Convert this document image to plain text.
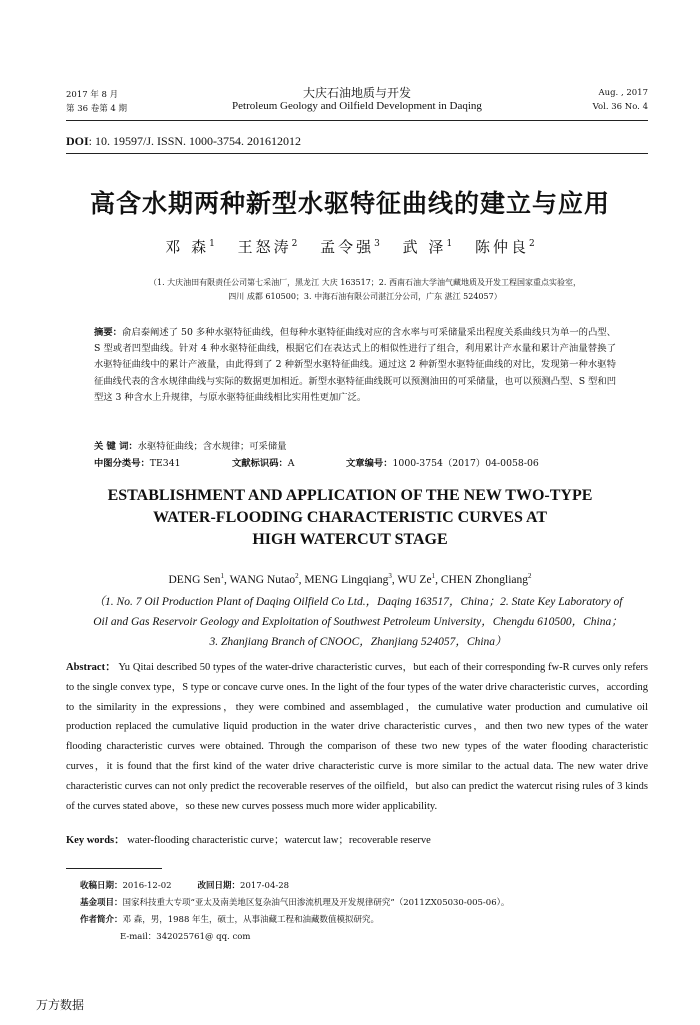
2017 年 8 月
第 36 卷第 4 期
大庆石油地质与开发
Petroleum Geology and Oilfield Development in Daqing
Aug. , 2017
Vol. 36 No. 4
DOI: 10. 19597/J. ISSN. 1000-3754. 201612012
高含水期两种新型水驱特征曲线的建立与应用
邓 森$^1$ 王怒涛$^2$ 孟令强$^3$ 武 泽$^1$ 陈仲良$^2$
（1. 大庆油田有限责任公司第七采油厂，黑龙江 大庆 163517；2. 西南石油大学油气藏地质及开发工程国家重点实验室，
四川 成都 610500；3. 中海石油有限公司湛江分公司，广东 湛江 524057）
摘要：俞启泰阐述了 50 多种水驱特征曲线，但每种水驱特征曲线对应的含水率与可采储量采出程度关系曲线只为单一的凸型、S 型或者凹型曲线。针对 4 种水驱特征曲线，根据它们在表达式上的相似性进行了组合，利用累计产水量和累计产油量替换了水驱特征曲线中的累计产液量，由此得到了 2 种新型水驱特征曲线。通过这 2 种新型水驱特征曲线的对比，发现第一种水驱特征曲线代表的含水规律曲线与实际的数据更加相近。新型水驱特征曲线既可以预测油田的可采储量，也可以预测凸型、S 型和凹型这 3 种含水上升规律，与原水驱特征曲线相比实用性更加广泛。
关 键 词：水驱特征曲线；含水规律；可采储量
中图分类号：TE341	文献标识码：A	文章编号：1000-3754（2017）04-0058-06
ESTABLISHMENT AND APPLICATION OF THE NEW TWO-TYPE
WATER-FLOODING CHARACTERISTIC CURVES AT
HIGH WATERCUT STAGE
DENG Sen$^1$, WANG Nutao$^2$, MENG Lingqiang$^3$, WU Ze$^1$, CHEN Zhongliang$^2$
（1. No. 7 Oil Production Plant of Daqing Oilfield Co Ltd.，Daqing 163517，China；2. State Key Laboratory of
Oil and Gas Reservoir Geology and Exploitation of Southwest Petroleum University，Chengdu 610500，China；
3. Zhanjiang Branch of CNOOC，Zhanjiang 524057，China）
Abstract： Yu Qitai described 50 types of the water-drive characteristic curves，but each of their corresponding fw-R curves only refers to the single convex type，S type or concave curve ones. In the light of the four types of the water drive characteristic curves，according to the similarity in the expressions，they were combined and assemblaged，the cumulative water production and cumulative oil production replaced the cumulative liquid production in the water drive characteristic curves，and then two new types of the water flooding characteristic curves were obtained. Through the comparison of these two new types of the water flooding characteristic curves，it is found that the first kind of the water drive characteristic curve is more similar to the actual data. The new water drive characteristic curves can not only predict the recoverable reserves of the oilfield，but also can predict the watercut rising rules of 3 kinds of the curves stated above，so these new curves possess much more wider applicability.
Key words： water-flooding characteristic curve；watercut law；recoverable reserve
收稿日期：2016-12-02	改回日期：2017-04-28
基金项目：国家科技重大专项“亚太及南美地区复杂油气田渗流机理及开发规律研究”（2011ZX05030-005-06）。
作者简介：邓 森，男，1988 年生，硕士，从事油藏工程和油藏数值模拟研究。
E-mail：342025761@ qq. com
万方数据
